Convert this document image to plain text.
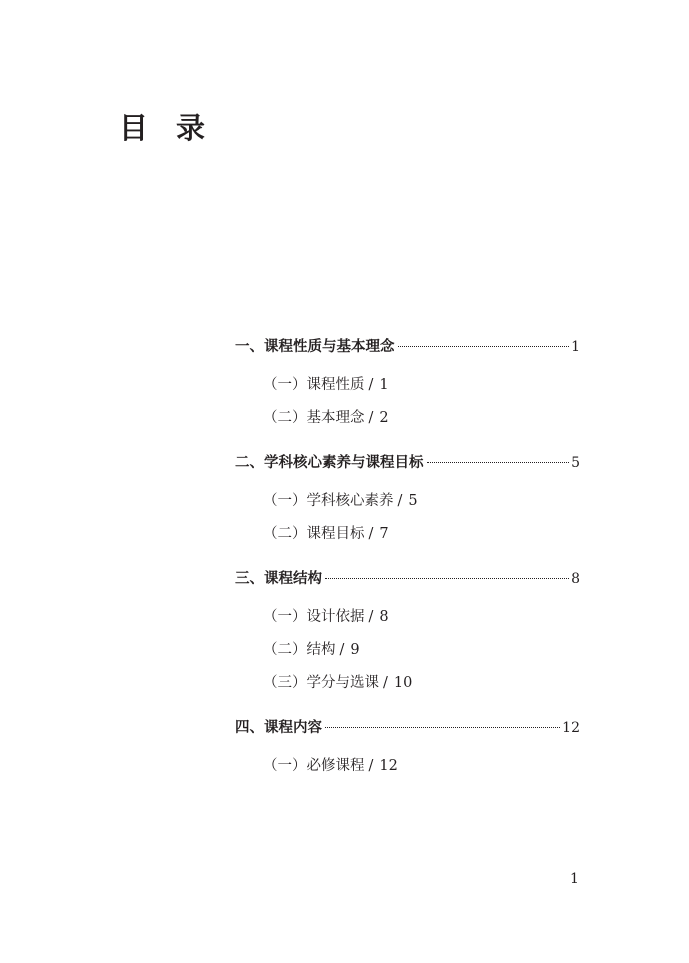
目 录
一、课程性质与基本理念	1
（一）课程性质 / 1
（二）基本理念 / 2
二、学科核心素养与课程目标	5
（一）学科核心素养 / 5
（二）课程目标 / 7
三、课程结构	8
（一）设计依据 / 8
（二）结构 / 9
（三）学分与选课 / 10
四、课程内容	12
（一）必修课程 / 12
1
